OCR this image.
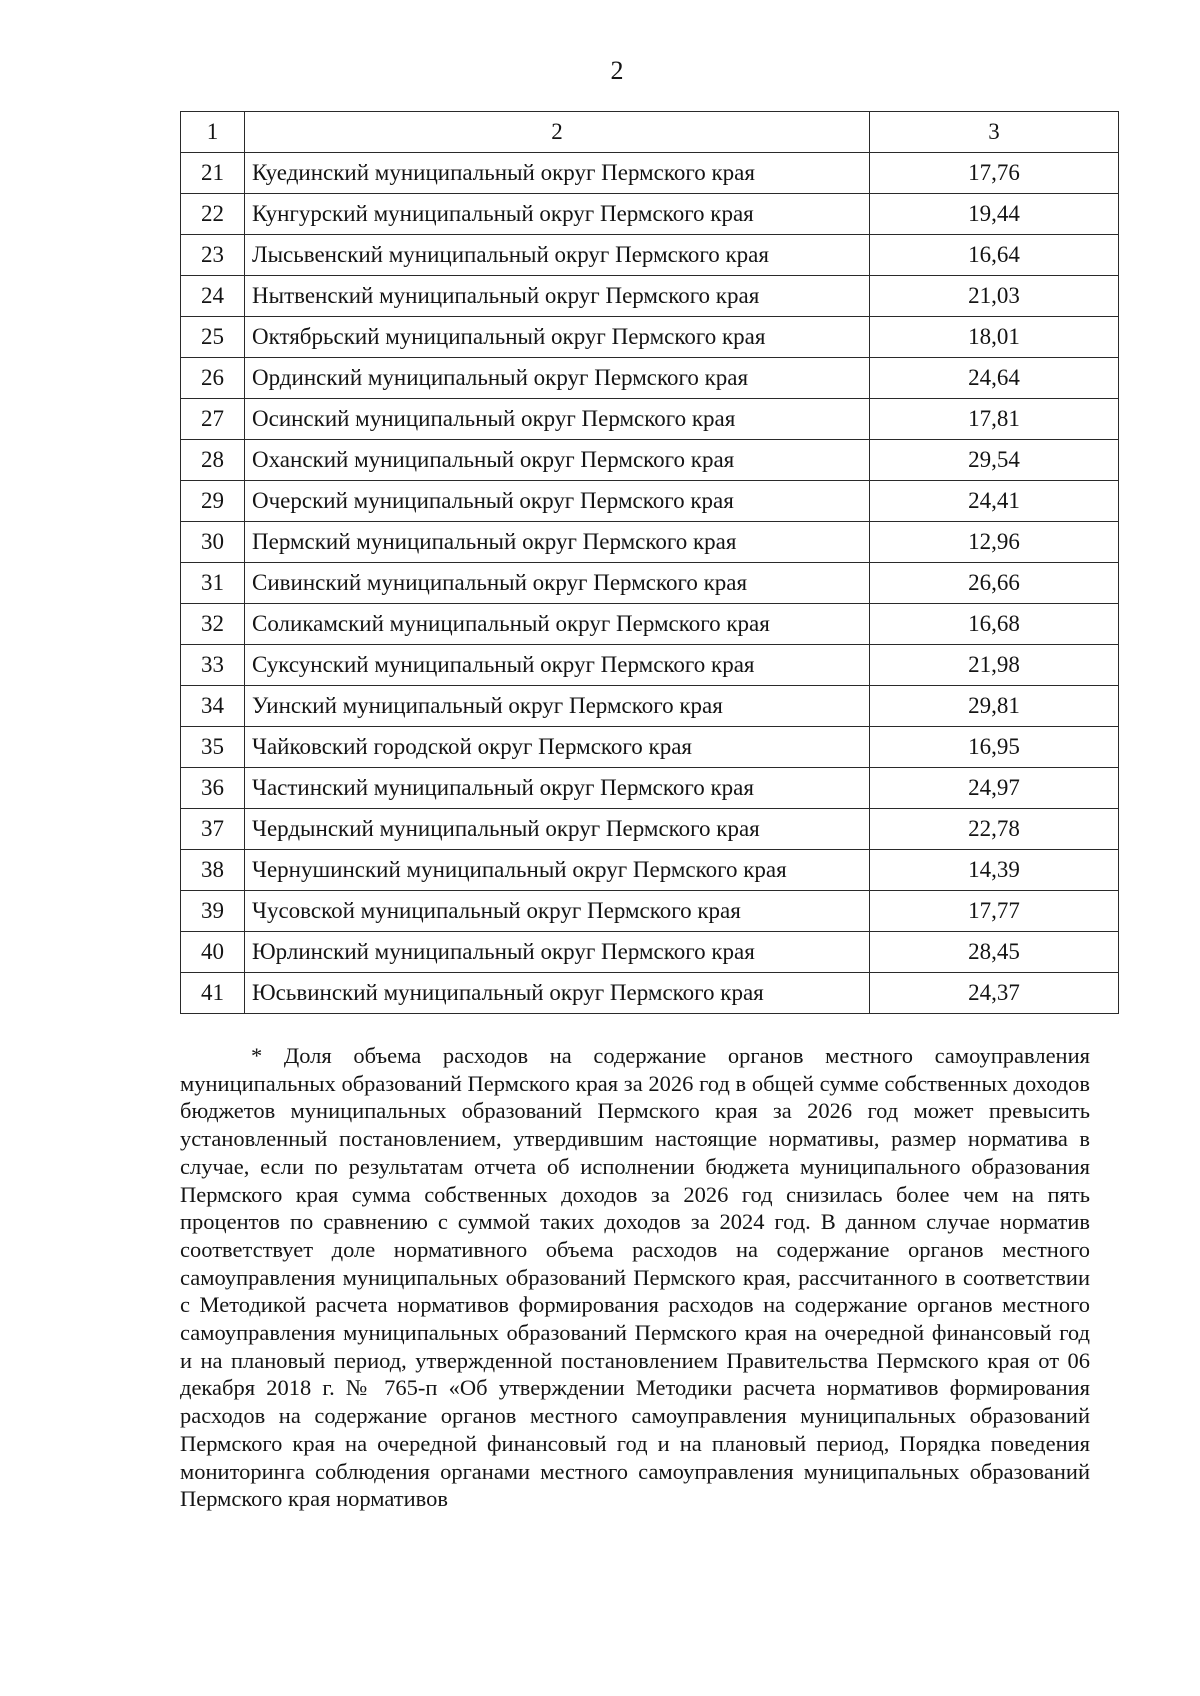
2
1	2	3
21	Куединский муниципальный округ Пермского края	17,76
22	Кунгурский муниципальный округ Пермского края	19,44
23	Лысьвенский муниципальный округ Пермского края	16,64
24	Нытвенский муниципальный округ Пермского края	21,03
25	Октябрьский муниципальный округ Пермского края	18,01
26	Ординский муниципальный округ Пермского края	24,64
27	Осинский муниципальный округ Пермского края	17,81
28	Оханский муниципальный округ Пермского края	29,54
29	Очерский муниципальный округ Пермского края	24,41
30	Пермский муниципальный округ Пермского края	12,96
31	Сивинский муниципальный округ Пермского края	26,66
32	Соликамский муниципальный округ Пермского края	16,68
33	Суксунский муниципальный округ Пермского края	21,98
34	Уинский муниципальный округ Пермского края	29,81
35	Чайковский городской округ Пермского края	16,95
36	Частинский муниципальный округ Пермского края	24,97
37	Чердынский муниципальный округ Пермского края	22,78
38	Чернушинский муниципальный округ Пермского края	14,39
39	Чусовской муниципальный округ Пермского края	17,77
40	Юрлинский муниципальный округ Пермского края	28,45
41	Юсьвинский муниципальный округ Пермского края	24,37

* Доля объема расходов на содержание органов местного самоуправления муниципальных образований Пермского края за 2026 год в общей сумме собственных доходов бюджетов муниципальных образований Пермского края за 2026 год может превысить установленный постановлением, утвердившим настоящие нормативы, размер норматива в случае, если по результатам отчета об исполнении бюджета муниципального образования Пермского края сумма собственных доходов за 2026 год снизилась более чем на пять процентов по сравнению с суммой таких доходов за 2024 год. В данном случае норматив соответствует доле нормативного объема расходов на содержание органов местного самоуправления муниципальных образований Пермского края, рассчитанного в соответствии с Методикой расчета нормативов формирования расходов на содержание органов местного самоуправления муниципальных образований Пермского края на очередной финансовый год и на плановый период, утвержденной постановлением Правительства Пермского края от 06 декабря 2018 г. № 765-п «Об утверждении Методики расчета нормативов формирования расходов на содержание органов местного самоуправления муниципальных образований Пермского края на очередной финансовый год и на плановый период, Порядка поведения мониторинга соблюдения органами местного самоуправления муниципальных образований Пермского края нормативов
